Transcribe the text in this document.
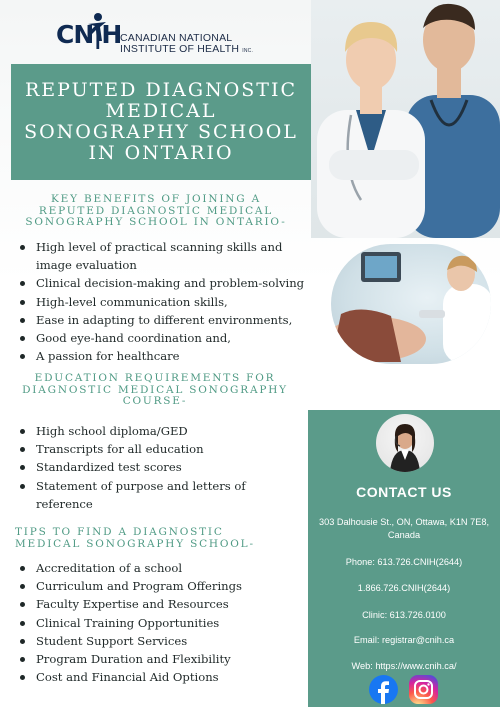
CN|H
CANADIAN NATIONAL
INSTITUTE OF HEALTH INC.
REPUTED DIAGNOSTIC MEDICAL SONOGRAPHY SCHOOL IN ONTARIO
KEY BENEFITS OF JOINING A REPUTED DIAGNOSTIC MEDICAL SONOGRAPHY SCHOOL IN ONTARIO-
High level of practical scanning skills and image evaluation
Clinical decision-making and problem-solving
High-level communication skills,
Ease in adapting to different environments,
Good eye-hand coordination and,
A passion for healthcare
EDUCATION REQUIREMENTS FOR DIAGNOSTIC MEDICAL SONOGRAPHY COURSE-
High school diploma/GED
Transcripts for all education
Standardized test scores
Statement of purpose and letters of reference
TIPS TO FIND A DIAGNOSTIC MEDICAL SONOGRAPHY SCHOOL-
Accreditation of a school
Curriculum and Program Offerings
Faculty Expertise and Resources
Clinical Training Opportunities
Student Support Services
Program Duration and Flexibility
Cost and Financial Aid Options
CONTACT US
303 Dalhousie St., ON, Ottawa, K1N 7E8, Canada
Phone: 613.726.CNIH(2644)
1.866.726.CNIH(2644)
Clinic: 613.726.0100
Email: registrar@cnih.ca
Web: https://www.cnih.ca/
